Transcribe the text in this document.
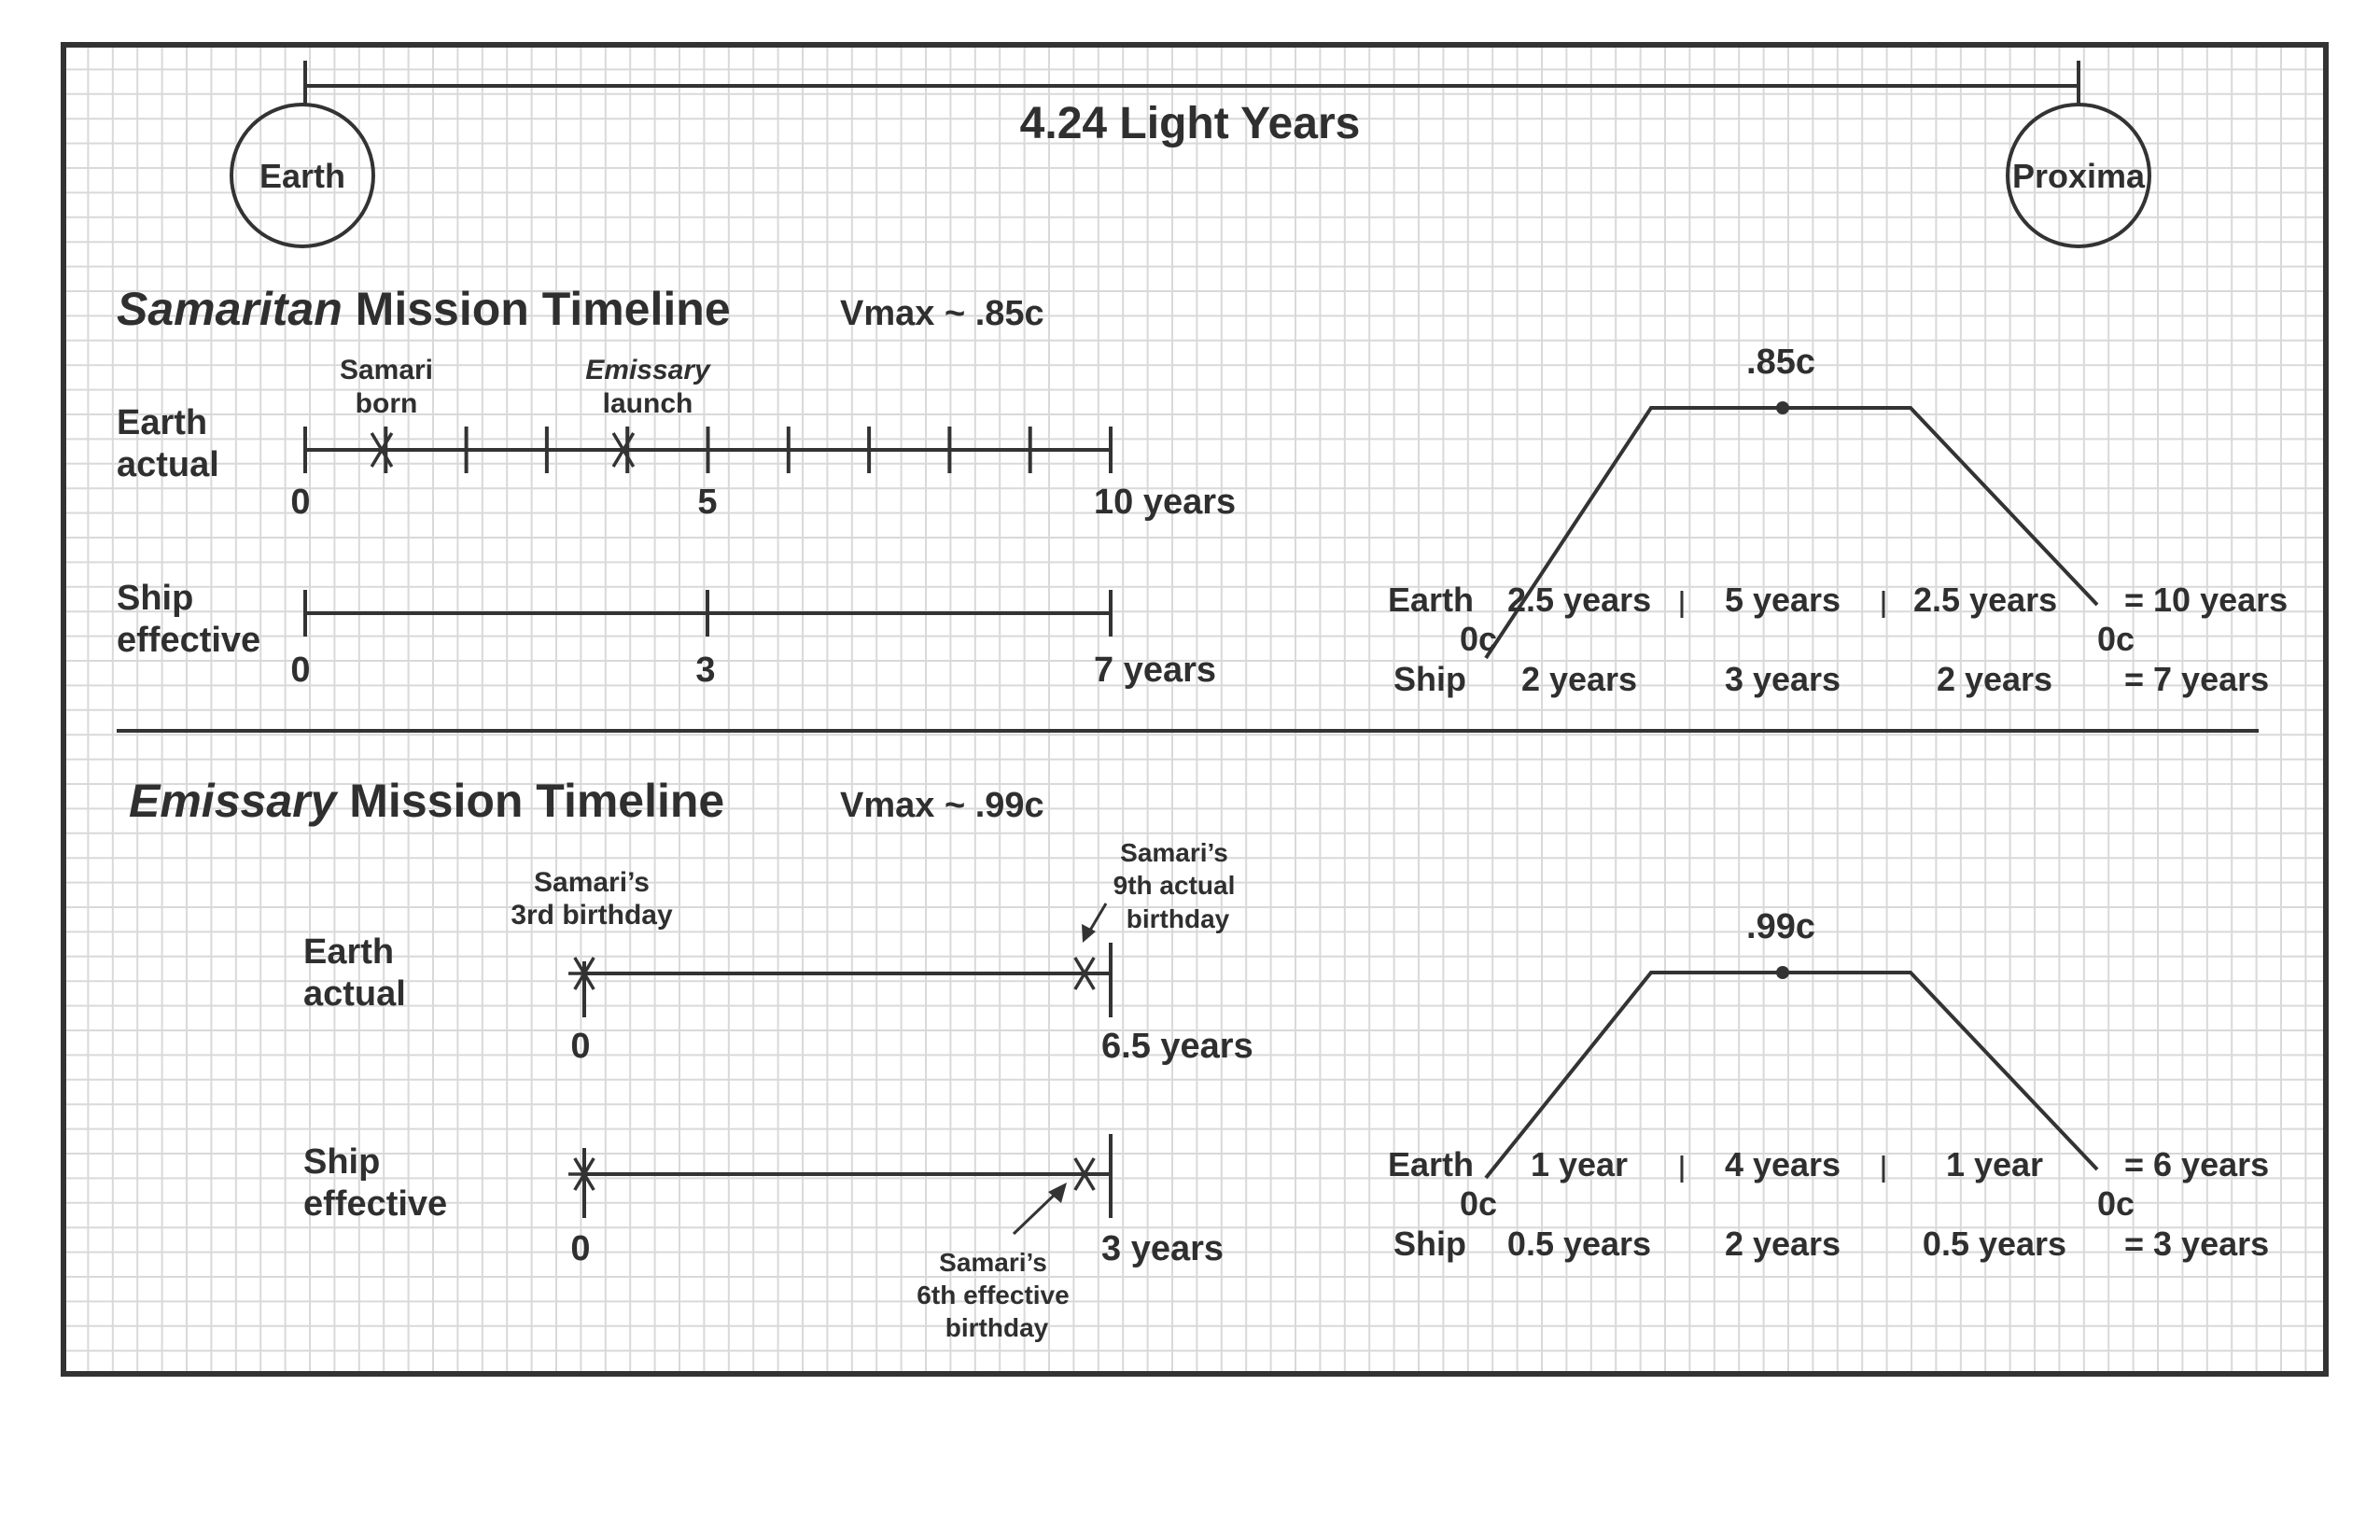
4.24 Light Years
Earth	Proxima
Samaritan Mission Timeline	Vmax ~ .85c
Earth
actual
0	5	10 years
Samari
born
Emissary
launch
Ship
effective
0	3	7 years
.85c
Earth 2.5 years 5 years 2.5 years = 10 years
0c	0c
Ship 2 years	3 years	2 years = 7 years
Emissary Mission Timeline	Vmax ~ .99c
Earth
actual
0	6.5 years
Samari’s
3rd birthday
Samari’s
9th actual
birthday
Ship
effective
0	3 years
Samari’s
6th effective
birthday
.99c
Earth 1 year	4 years	1 year = 6 years
0c	0c
Ship 0.5 years 2 years 0.5 years = 3 years
